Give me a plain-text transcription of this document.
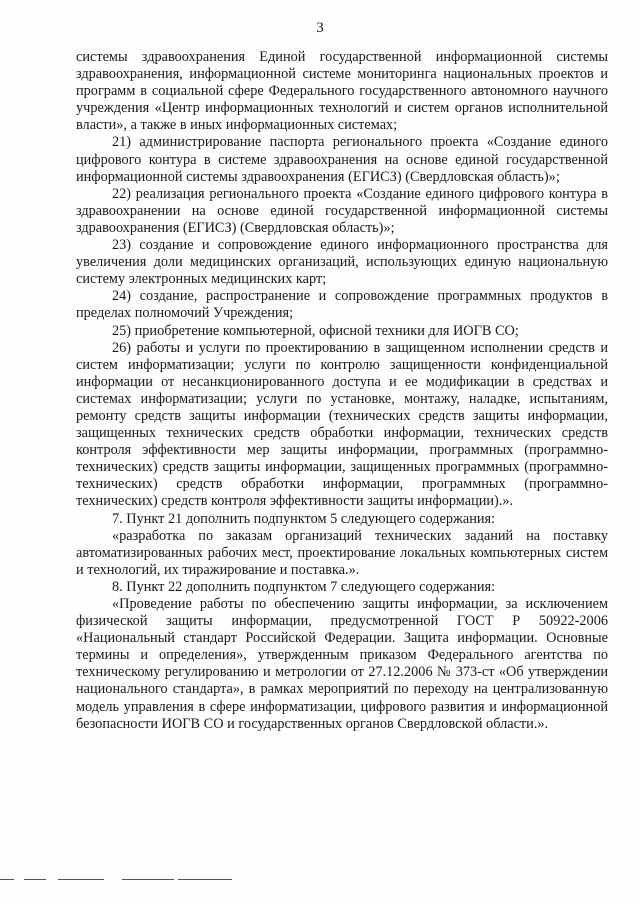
3

системы здравоохранения Единой государственной информационной системы здравоохранения, информационной системе мониторинга национальных проектов и программ в социальной сфере Федерального государственного автономного научного учреждения «Центр информационных технологий и систем органов исполнительной власти», а также в иных информационных системах;

21) администрирование паспорта регионального проекта «Создание единого цифрового контура в системе здравоохранения на основе единой государственной информационной системы здравоохранения (ЕГИСЗ) (Свердловская область)»;

22) реализация регионального проекта «Создание единого цифрового контура в здравоохранении на основе единой государственной информационной системы здравоохранения (ЕГИСЗ) (Свердловская область)»;

23) создание и сопровождение единого информационного пространства для увеличения доли медицинских организаций, использующих единую национальную систему электронных медицинских карт;

24) создание, распространение и сопровождение программных продуктов в пределах полномочий Учреждения;

25) приобретение компьютерной, офисной техники для ИОГВ СО;

26) работы и услуги по проектированию в защищенном исполнении средств и систем информатизации; услуги по контролю защищенности конфиденциальной информации от несанкционированного доступа и ее модификации в средствах и системах информатизации; услуги по установке, монтажу, наладке, испытаниям, ремонту средств защиты информации (технических средств защиты информации, защищенных технических средств обработки информации, технических средств контроля эффективности мер защиты информации, программных (программно-технических) средств защиты информации, защищенных программных (программно-технических) средств обработки информации, программных (программно-технических) средств контроля эффективности защиты информации).».

7. Пункт 21 дополнить подпунктом 5 следующего содержания:

«разработка по заказам организаций технических заданий на поставку автоматизированных рабочих мест, проектирование локальных компьютерных систем и технологий, их тиражирование и поставка.».

8. Пункт 22 дополнить подпунктом 7 следующего содержания:

«Проведение работы по обеспечению защиты информации, за исключением физической защиты информации, предусмотренной ГОСТ Р 50922-2006 «Национальный стандарт Российской Федерации. Защита информации. Основные термины и определения», утвержденным приказом Федерального агентства по техническому регулированию и метрологии от 27.12.2006 № 373-ст «Об утверждении национального стандарта», в рамках мероприятий по переходу на централизованную модель управления в сфере информатизации, цифрового развития и информационной безопасности ИОГВ СО и государственных органов Свердловской области.».
